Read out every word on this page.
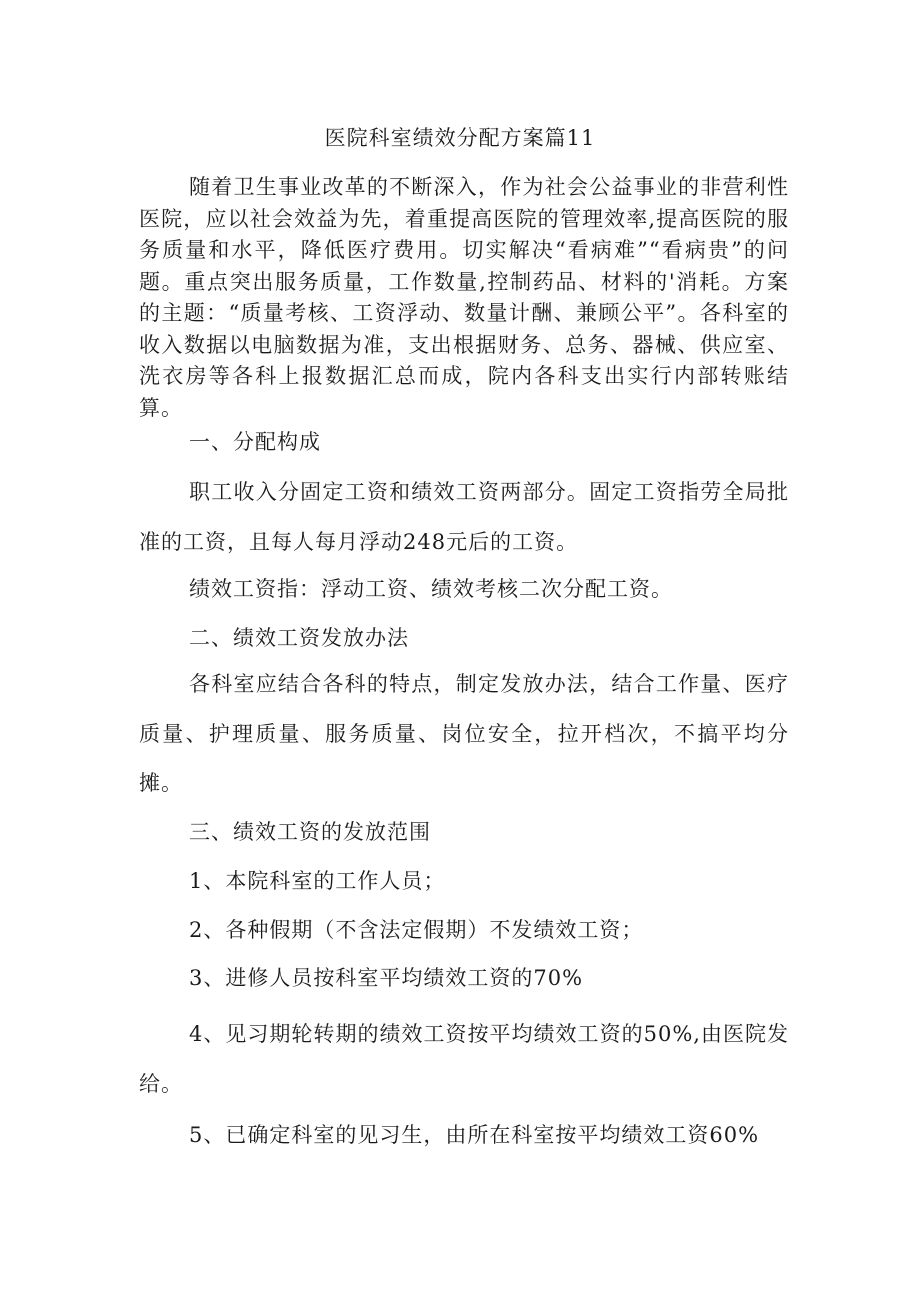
医院科室绩效分配方案篇11

随着卫生事业改革的不断深入，作为社会公益事业的非营利性医院，应以社会效益为先，着重提高医院的管理效率,提高医院的服务质量和水平，降低医疗费用。切实解决“看病难”“看病贵”的问题。重点突出服务质量，工作数量,控制药品、材料的'消耗。方案的主题：“质量考核、工资浮动、数量计酬、兼顾公平”。各科室的收入数据以电脑数据为准，支出根据财务、总务、器械、供应室、洗衣房等各科上报数据汇总而成，院内各科支出实行内部转账结算。

一、分配构成

职工收入分固定工资和绩效工资两部分。固定工资指劳全局批准的工资，且每人每月浮动248元后的工资。

绩效工资指：浮动工资、绩效考核二次分配工资。

二、绩效工资发放办法

各科室应结合各科的特点，制定发放办法，结合工作量、医疗质量、护理质量、服务质量、岗位安全，拉开档次，不搞平均分摊。

三、绩效工资的发放范围

1、本院科室的工作人员；

2、各种假期（不含法定假期）不发绩效工资；

3、进修人员按科室平均绩效工资的70%

4、见习期轮转期的绩效工资按平均绩效工资的50%,由医院发给。

5、已确定科室的见习生，由所在科室按平均绩效工资60%
